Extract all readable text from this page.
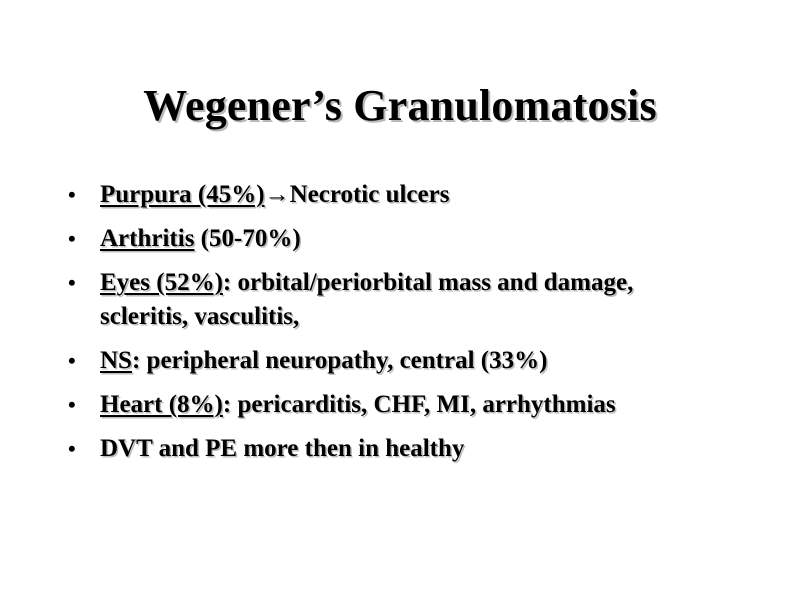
Wegener’s Granulomatosis
• Purpura (45%)→Necrotic ulcers
• Arthritis (50-70%)
• Eyes (52%): orbital/periorbital mass and damage, scleritis, vasculitis,
• NS: peripheral neuropathy, central (33%)
• Heart (8%): pericarditis, CHF, MI, arrhythmias
• DVT and PE more then in healthy
